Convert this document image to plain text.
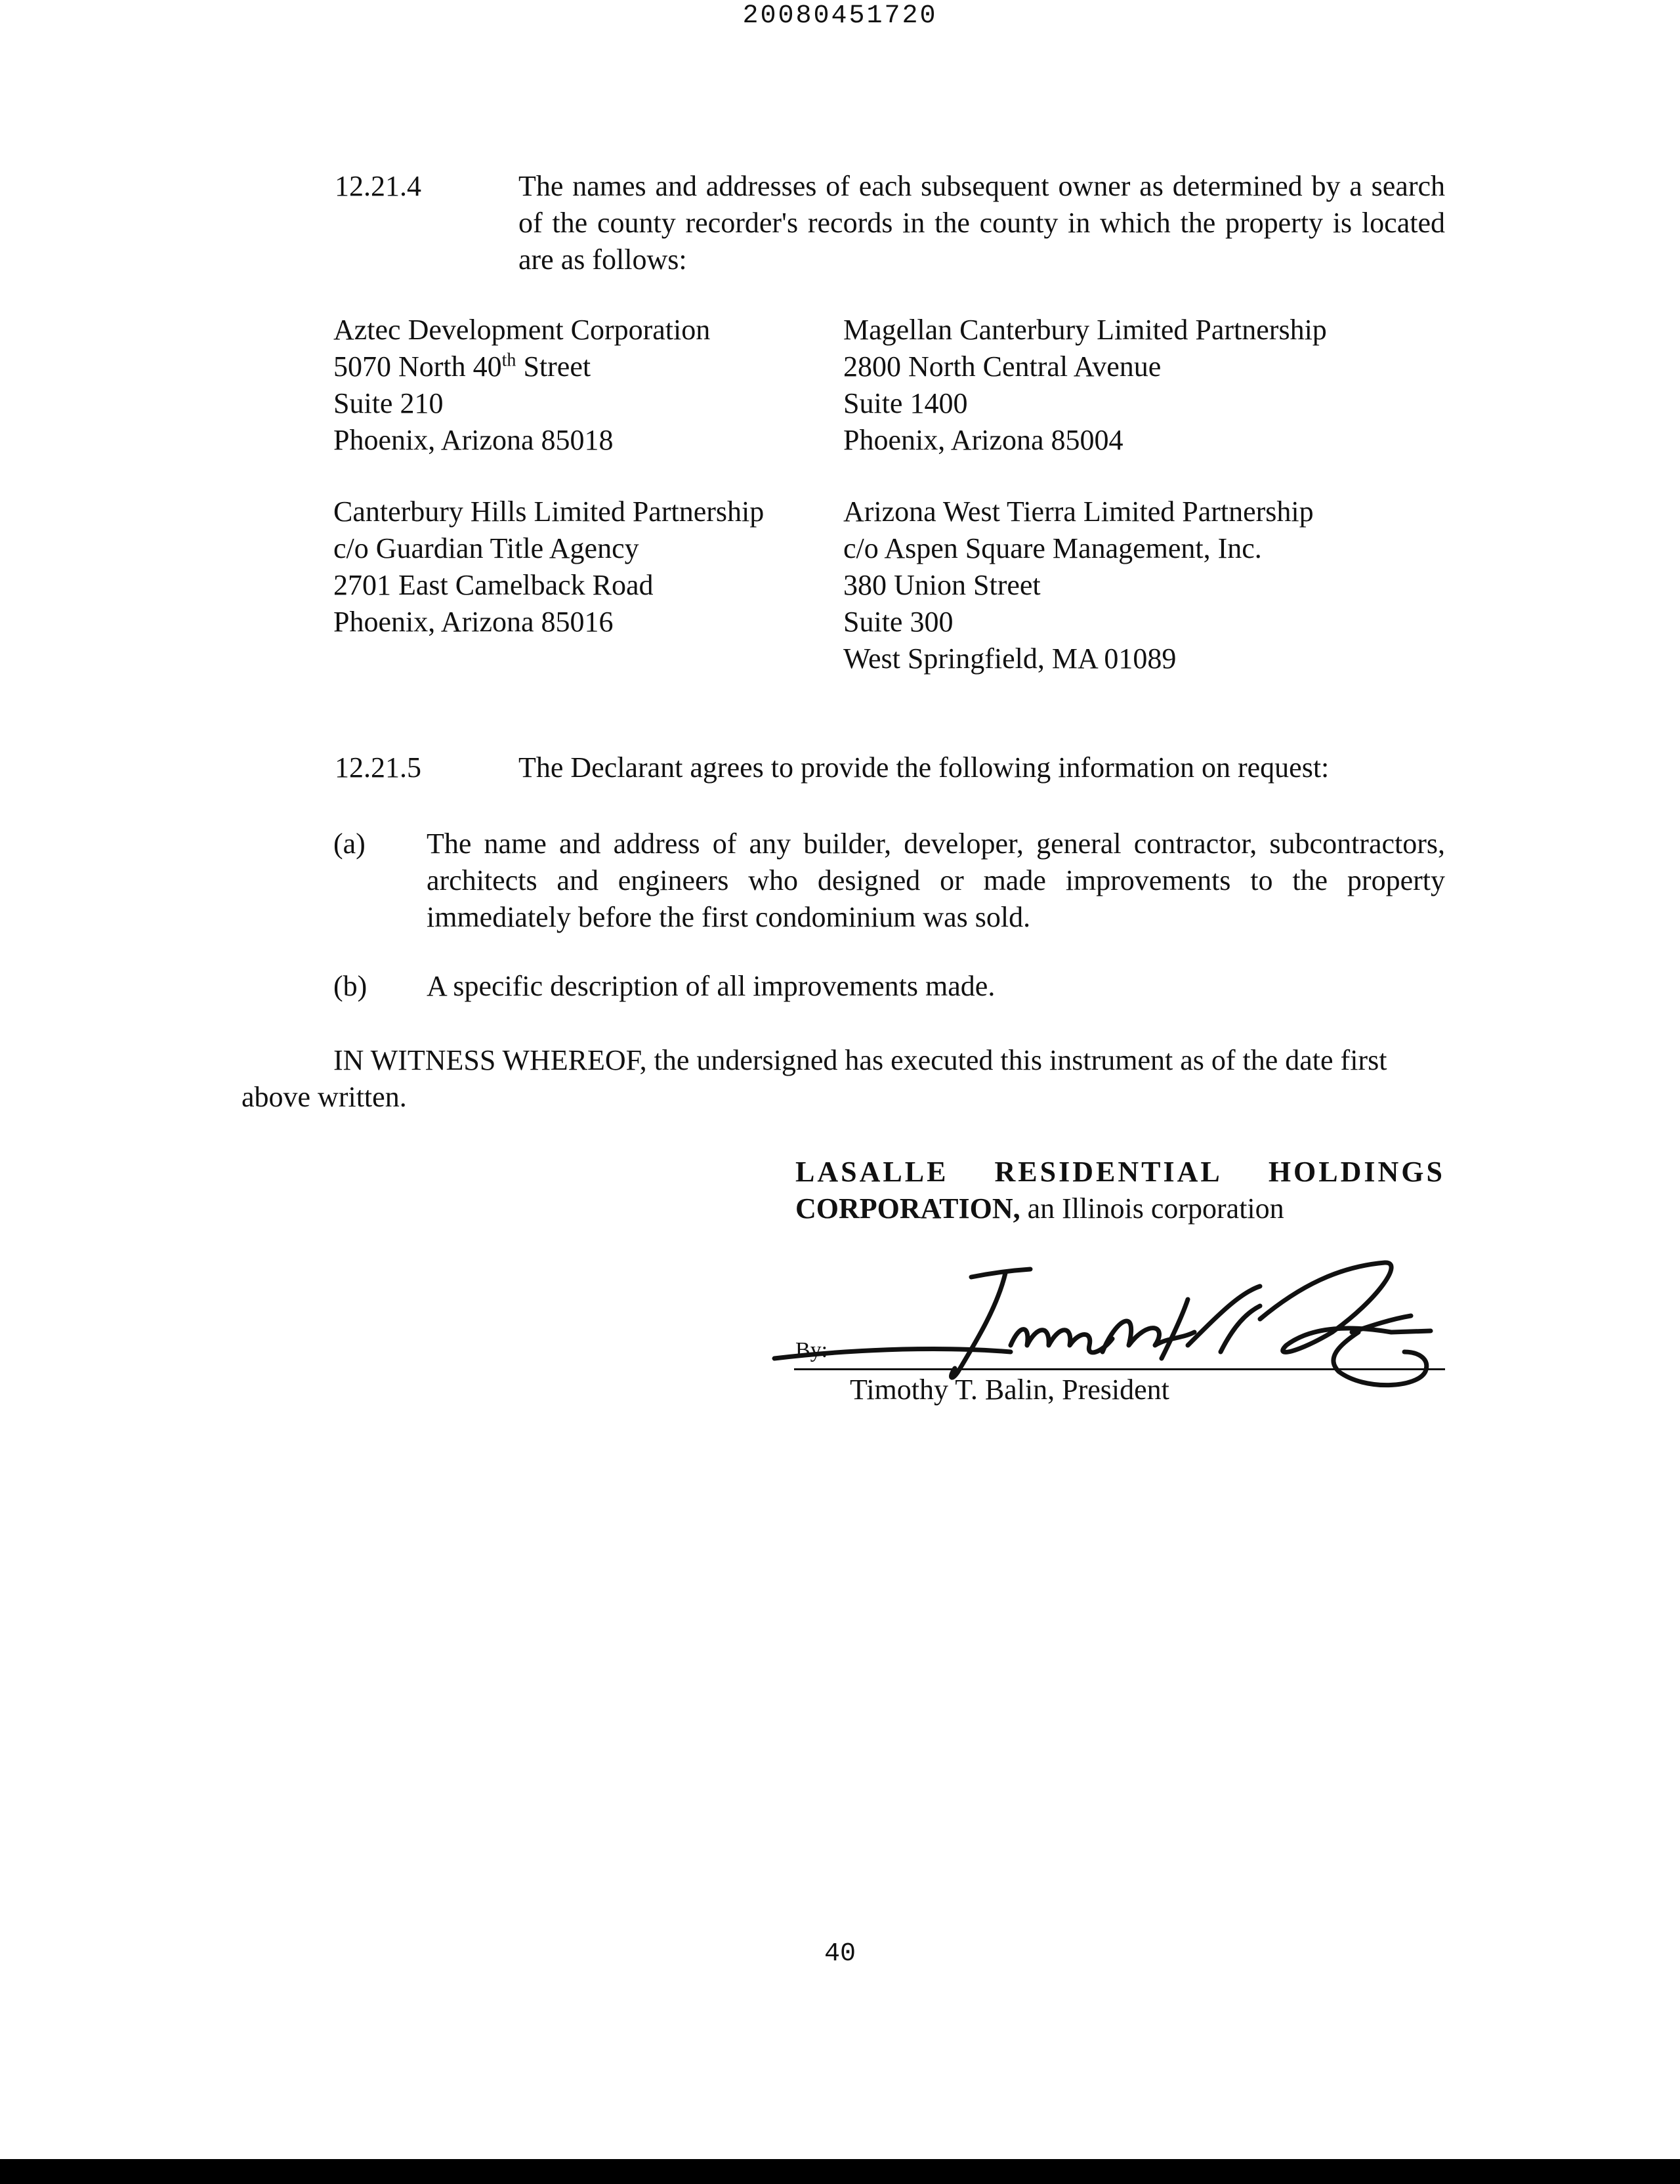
20080451720
12.21.4	The names and addresses of each subsequent owner as determined by a search of the county recorder's records in the county in which the property is located are as follows:
Aztec Development Corporation
5070 North 40th Street
Suite 210
Phoenix, Arizona 85018
Magellan Canterbury Limited Partnership
2800 North Central Avenue
Suite 1400
Phoenix, Arizona 85004
Canterbury Hills Limited Partnership
c/o Guardian Title Agency
2701 East Camelback Road
Phoenix, Arizona 85016
Arizona West Tierra Limited Partnership
c/o Aspen Square Management, Inc.
380 Union Street
Suite 300
West Springfield, MA 01089
12.21.5	The Declarant agrees to provide the following information on request:
(a) The name and address of any builder, developer, general contractor, subcontractors, architects and engineers who designed or made improvements to the property immediately before the first condominium was sold.
(b) A specific description of all improvements made.
IN WITNESS WHEREOF, the undersigned has executed this instrument as of the date first
above written.
LASALLE RESIDENTIAL HOLDINGS
CORPORATION, an Illinois corporation
By:
Timothy T. Balin, President
40
